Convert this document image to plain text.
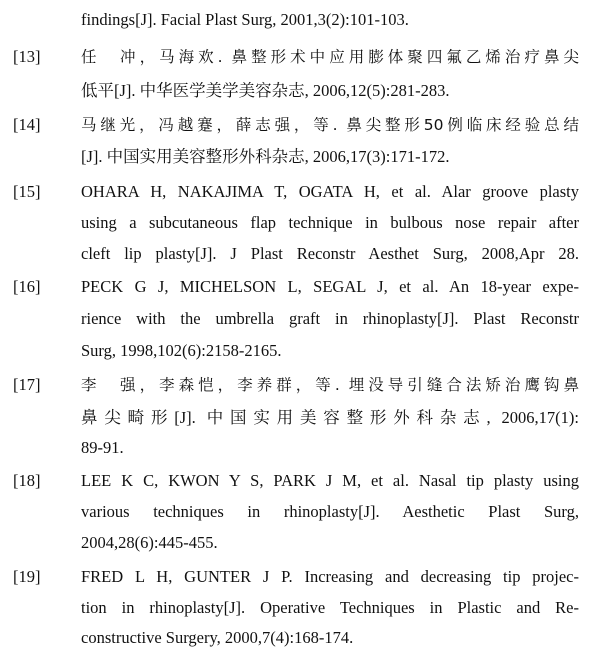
findings[J]. Facial Plast Surg, 2001,3(2):101-103.
[13]	任　冲，马海欢. 鼻整形术中应用膨体聚四氟乙烯治疗鼻尖
低平[J]. 中华医学美学美容杂志, 2006,12(5):281-283.
[14]	马继光，冯越蹇，薛志强，等. 鼻尖整形50例临床经验总结
[J]. 中国实用美容整形外科杂志, 2006,17(3):171-172.
[15] OHARA H, NAKAJIMA T, OGATA H, et al. Alar groove plasty
using a subcutaneous flap technique in bulbous nose repair after
cleft lip plasty[J]. J Plast Reconstr Aesthet Surg, 2008,Apr 28.
[16] PECK G J, MICHELSON L, SEGAL J, et al. An 18-year expe-
rience with the umbrella graft in rhinoplasty[J]. Plast Reconstr
Surg, 1998,102(6):2158-2165.
[17]	李　强，李森恺，李养群，等. 埋没导引缝合法矫治鹰钩鼻
鼻尖畸形[J]. 中国实用美容整形外科杂志, 2006,17(1):
89-91.
[18] LEE K C, KWON Y S, PARK J M, et al. Nasal tip plasty using
various techniques in rhinoplasty[J]. Aesthetic Plast Surg,
2004,28(6):445-455.
[19] FRED L H, GUNTER J P. Increasing and decreasing tip projec-
tion in rhinoplasty[J]. Operative Techniques in Plastic and Re-
constructive Surgery, 2000,7(4):168-174.
